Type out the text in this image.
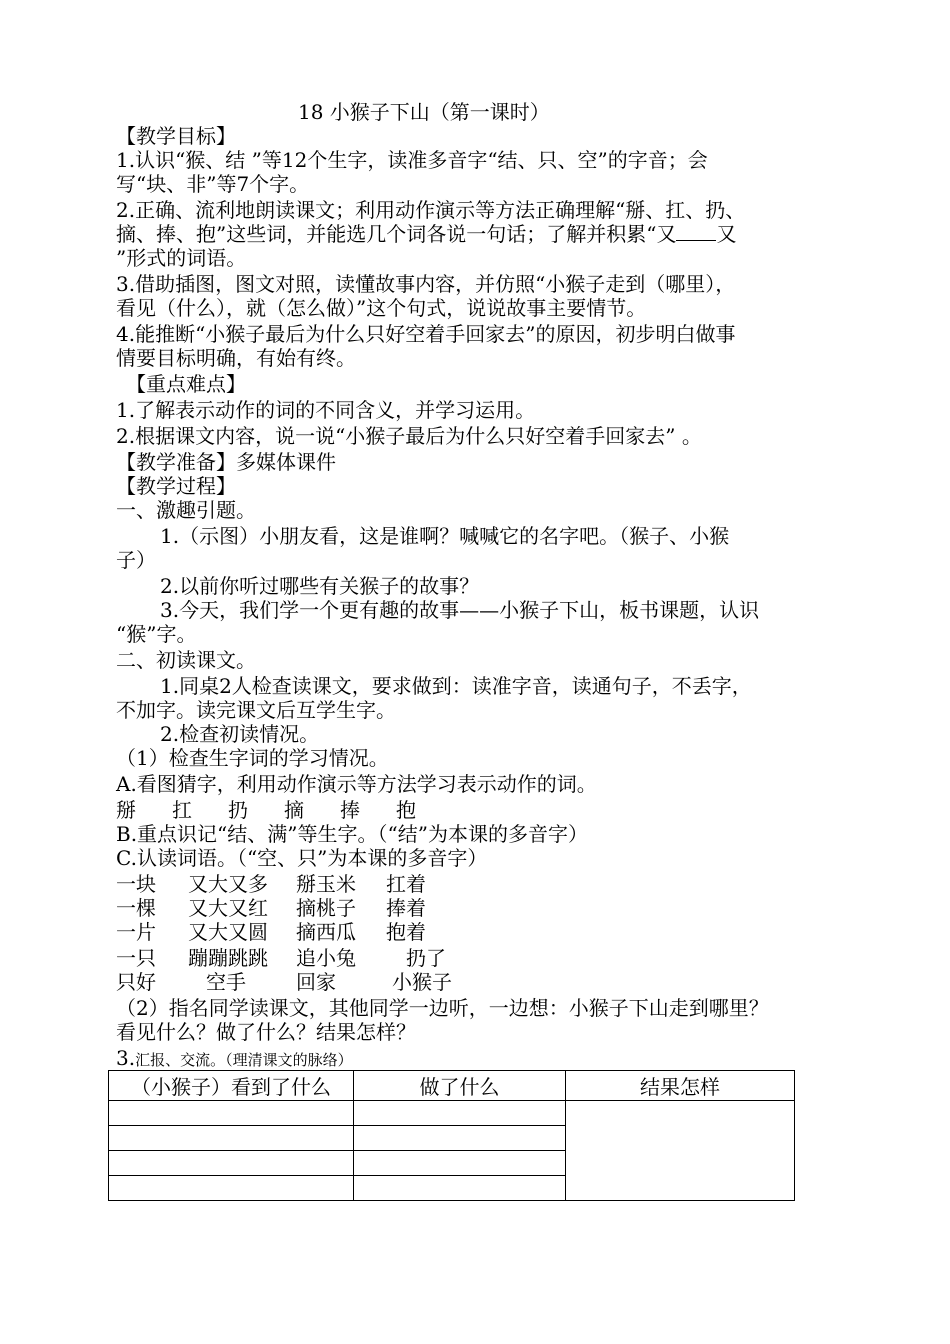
18 小猴子下山（第一课时）
【教学目标】
1.认识“猴、结 ”等12个生字，读准多音字“结、只、空”的字音；会
写“块、非”等7个字。
2.正确、流利地朗读课文；利用动作演示等方法正确理解“掰、扛、扔、
摘、捧、抱”这些词，并能选几个词各说一句话；了解并积累“又 又
”形式的词语。
3.借助插图，图文对照，读懂故事内容，并仿照“小猴子走到（哪里），
看见（什么），就（怎么做）”这个句式，说说故事主要情节。
4.能推断“小猴子最后为什么只好空着手回家去”的原因，初步明白做事
情要目标明确，有始有终。
【重点难点】
1.了解表示动作的词的不同含义，并学习运用。
2.根据课文内容，说一说“小猴子最后为什么只好空着手回家去” 。
【教学准备】多媒体课件
【教学过程】
一、激趣引题。
1.（示图）小朋友看，这是谁啊？喊喊它的名字吧。（猴子、小猴
子）
2.以前你听过哪些有关猴子的故事？
3.今天，我们学一个更有趣的故事——小猴子下山，板书课题，认识
“猴”字。
二、初读课文。
1.同桌2人检查读课文，要求做到：读准字音，读通句子，不丢字，
不加字。读完课文后互学生字。
2.检查初读情况。
（1）检查生字词的学习情况。
A.看图猜字，利用动作演示等方法学习表示动作的词。
掰 扛 扔 摘 捧 抱
B.重点识记“结、满”等生字。（“结”为本课的多音字）
C.认读词语。（“空、只”为本课的多音字）
一块 又大又多 掰玉米 扛着
一棵 又大又红 摘桃子 捧着
一片 又大又圆 摘西瓜 抱着
一只 蹦蹦跳跳 追小兔	扔了
只好	空手	回家	小猴子
（2）指名同学读课文，其他同学一边听，一边想：小猴子下山走到哪里？
看见什么？做了什么？结果怎样？
3.汇报、交流。（理清课文的脉络）
（小猴子）看到了什么	做了什么	结果怎样
